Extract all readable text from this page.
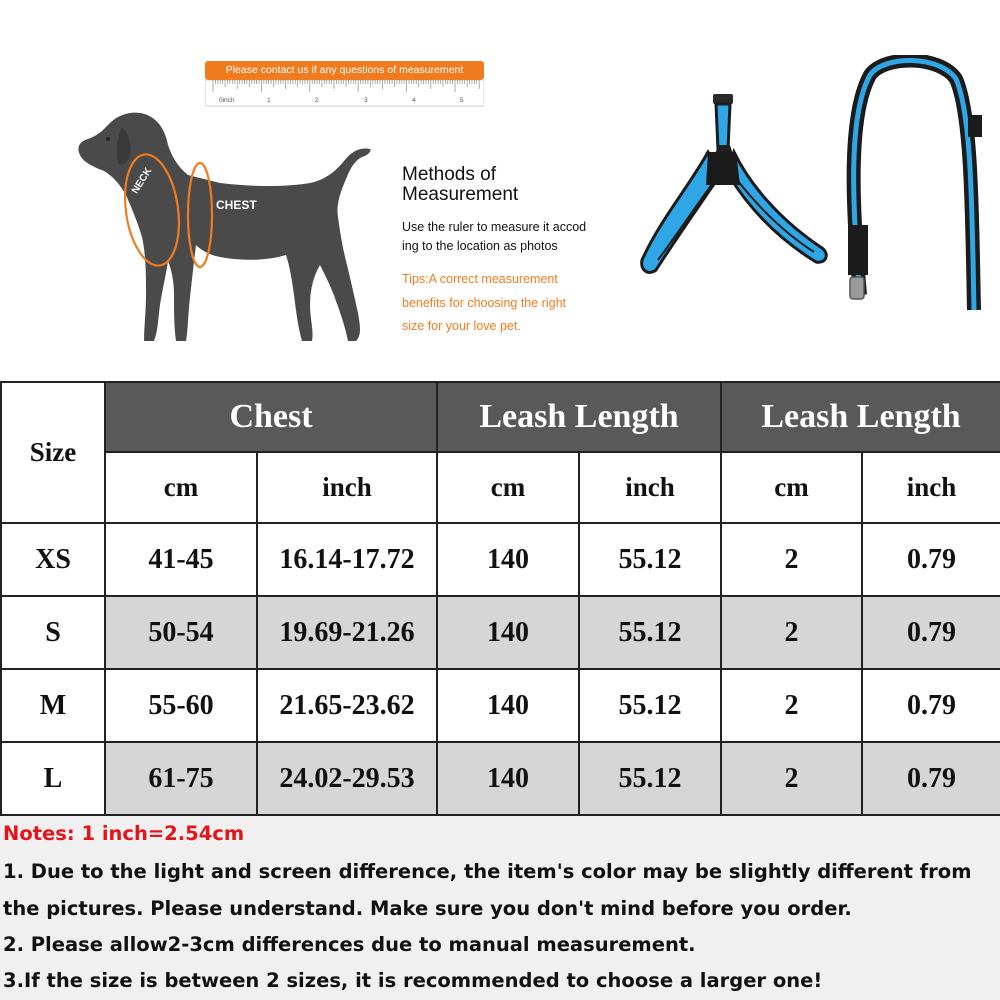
Please contact us if any questions of measurement
0inch	1	2	3	4	5
NECK
CHEST
Methods of
Measurement
Use the ruler to measure it accod
ing to the location as photos
Tips:A correct measurement
benefits for choosing the right
size for your love pet.
Size	Chest		Leash Length		Leash Length	
	cm	inch	cm	inch	cm	inch
XS	41-45	16.14-17.72	140	55.12	2	0.79
S	50-54	19.69-21.26	140	55.12	2	0.79
M	55-60	21.65-23.62	140	55.12	2	0.79
L	61-75	24.02-29.53	140	55.12	2	0.79
Notes: 1 inch=2.54cm
1. Due to the light and screen difference, the item's color may be slightly different from
the pictures. Please understand. Make sure you don't mind before you order.
2. Please allow2-3cm differences due to manual measurement.
3.If the size is between 2 sizes, it is recommended to choose a larger one!
